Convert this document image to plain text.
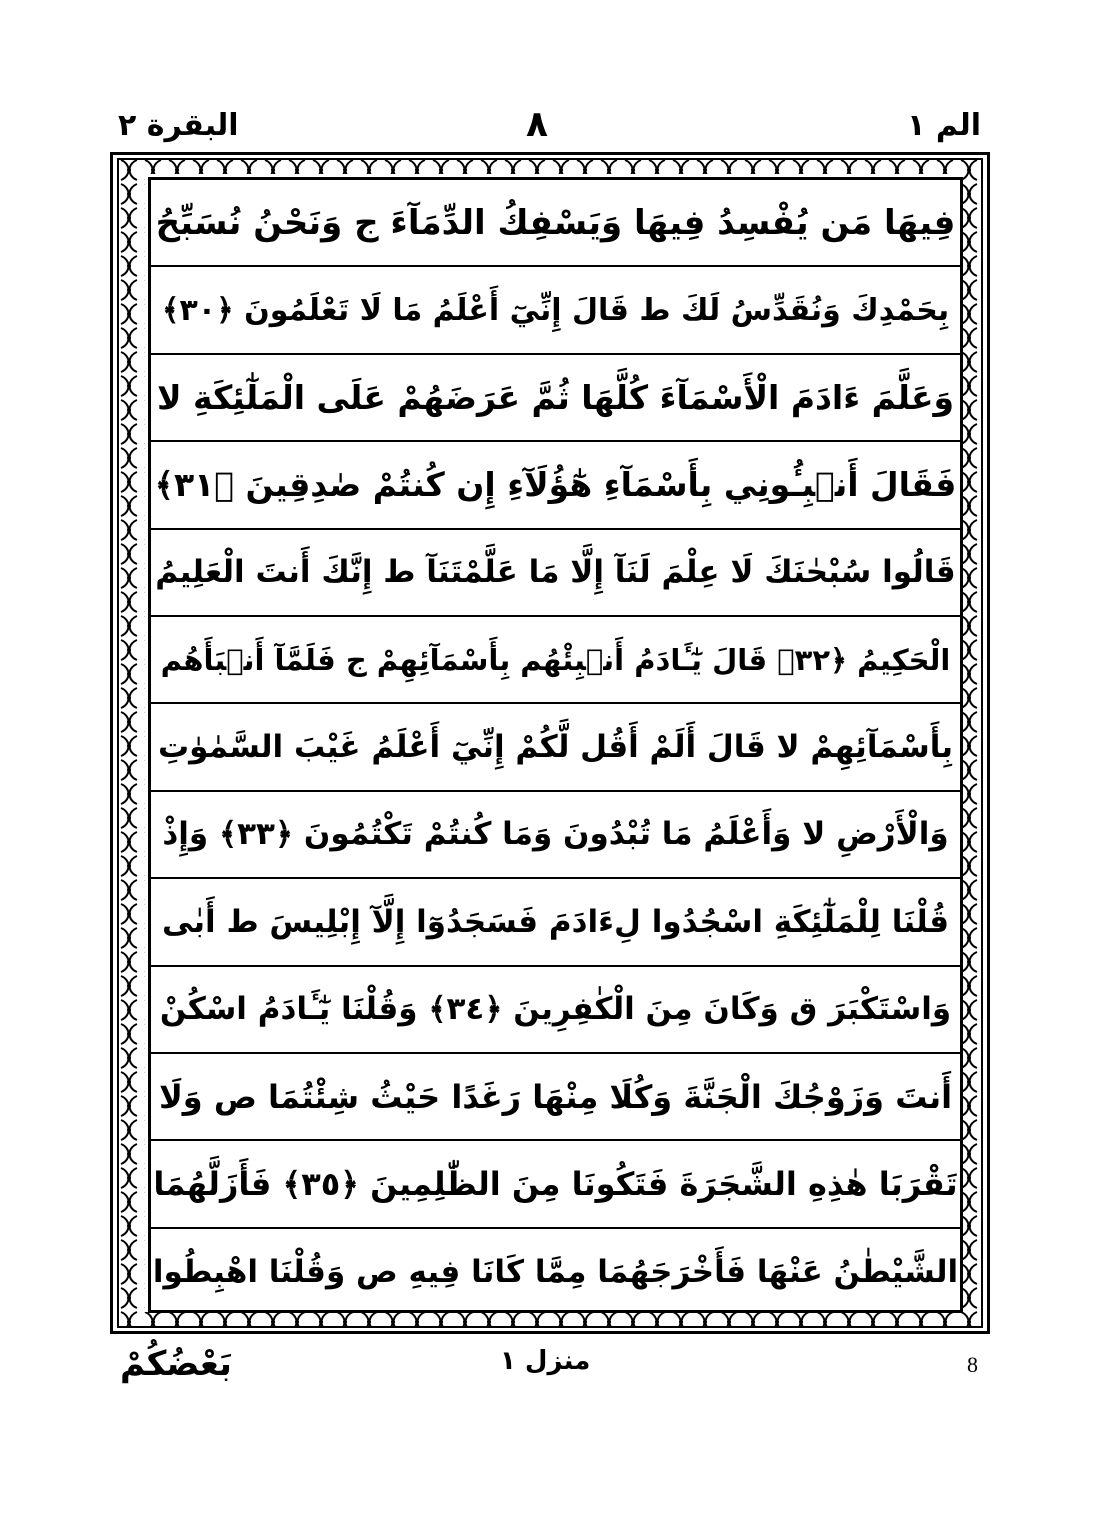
البقرة ٢	٨	الم ١
فِيهَا مَن يُفْسِدُ فِيهَا وَيَسْفِكُ الدِّمَآءَ ج وَنَحْنُ نُسَبِّحُ
بِحَمْدِكَ وَنُقَدِّسُ لَكَ ط قَالَ إِنِّيٓ أَعْلَمُ مَا لَا تَعْلَمُونَ ﴿٣٠﴾
وَعَلَّمَ ءَادَمَ الْأَسْمَآءَ كُلَّهَا ثُمَّ عَرَضَهُمْ عَلَى الْمَلٰٓئِكَةِ لا
فَقَالَ أَنۢبِـُٔونِي بِأَسْمَآءِ هٰٓؤُلَآءِ إِن كُنتُمْ صٰدِقِينَ ﴿٣١﴾
قَالُوا سُبْحٰنَكَ لَا عِلْمَ لَنَآ إِلَّا مَا عَلَّمْتَنَآ ط إِنَّكَ أَنتَ الْعَلِيمُ
الْحَكِيمُ ﴿٣٢﴾ قَالَ يٰٓـَٔادَمُ أَنۢبِئْهُم بِأَسْمَآئِهِمْ ج فَلَمَّآ أَنۢبَأَهُم
بِأَسْمَآئِهِمْ لا قَالَ أَلَمْ أَقُل لَّكُمْ إِنِّيٓ أَعْلَمُ غَيْبَ السَّمٰوٰتِ
وَالْأَرْضِ لا وَأَعْلَمُ مَا تُبْدُونَ وَمَا كُنتُمْ تَكْتُمُونَ ﴿٣٣﴾ وَإِذْ
قُلْنَا لِلْمَلٰٓئِكَةِ اسْجُدُوا لِءَادَمَ فَسَجَدُوٓا إِلَّآ إِبْلِيسَ ط أَبٰى
وَاسْتَكْبَرَ ق وَكَانَ مِنَ الْكٰفِرِينَ ﴿٣٤﴾ وَقُلْنَا يٰٓـَٔادَمُ اسْكُنْ
أَنتَ وَزَوْجُكَ الْجَنَّةَ وَكُلَا مِنْهَا رَغَدًا حَيْثُ شِئْتُمَا ص وَلَا
تَقْرَبَا هٰذِهِ الشَّجَرَةَ فَتَكُونَا مِنَ الظّٰلِمِينَ ﴿٣٥﴾ فَأَزَلَّهُمَا
الشَّيْطٰنُ عَنْهَا فَأَخْرَجَهُمَا مِمَّا كَانَا فِيهِ ص وَقُلْنَا اهْبِطُوا
بَعْضُكُمْ	منزل ١	8
